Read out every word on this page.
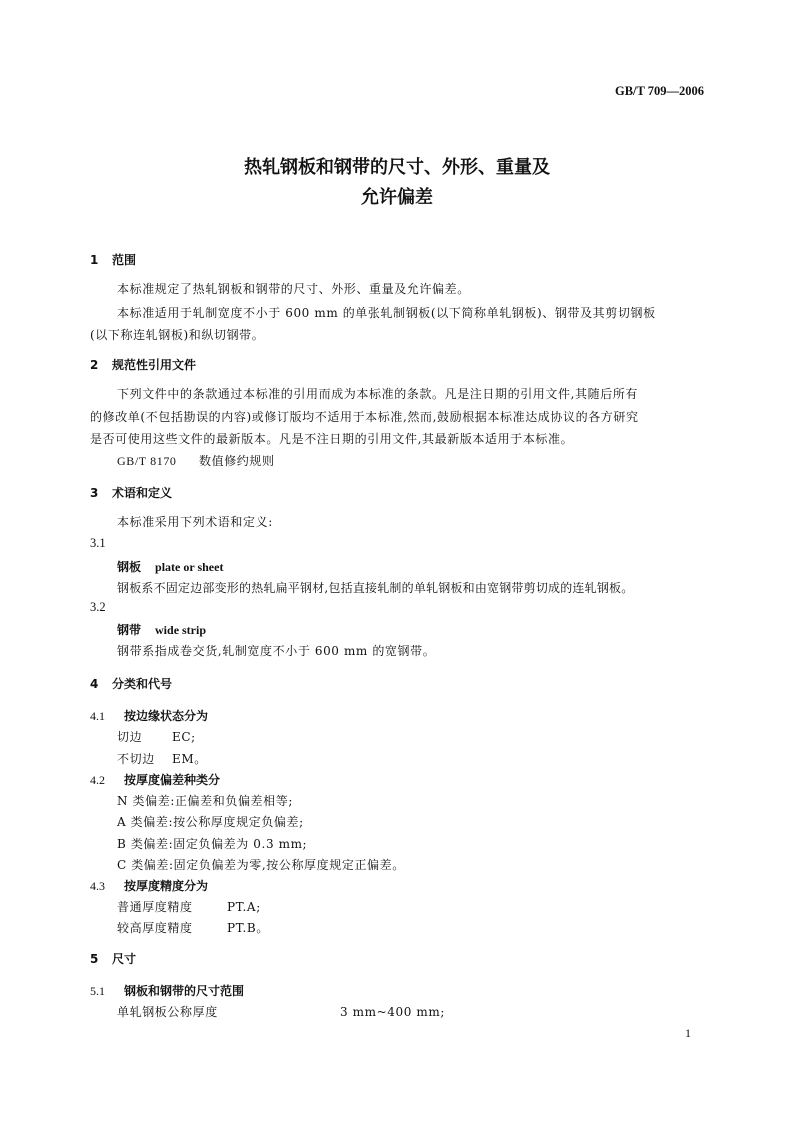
GB/T 709—2006
热轧钢板和钢带的尺寸、外形、重量及
允许偏差
1 范围
本标准规定了热轧钢板和钢带的尺寸、外形、重量及允许偏差。
本标准适用于轧制宽度不小于 600 mm 的单张轧制钢板(以下简称单轧钢板)、钢带及其剪切钢板
(以下称连轧钢板)和纵切钢带。
2 规范性引用文件
下列文件中的条款通过本标准的引用而成为本标准的条款。凡是注日期的引用文件,其随后所有
的修改单(不包括勘误的内容)或修订版均不适用于本标准,然而,鼓励根据本标准达成协议的各方研究
是否可使用这些文件的最新版本。凡是不注日期的引用文件,其最新版本适用于本标准。
GB/T 8170 数值修约规则
3 术语和定义
本标准采用下列术语和定义:
3.1
钢板 plate or sheet
钢板系不固定边部变形的热轧扁平钢材,包括直接轧制的单轧钢板和由宽钢带剪切成的连轧钢板。
3.2
钢带 wide strip
钢带系指成卷交货,轧制宽度不小于 600 mm 的宽钢带。
4 分类和代号
4.1 按边缘状态分为
切边 EC;
不切边 EM。
4.2 按厚度偏差种类分
N 类偏差:正偏差和负偏差相等;
A 类偏差:按公称厚度规定负偏差;
B 类偏差:固定负偏差为 0.3 mm;
C 类偏差:固定负偏差为零,按公称厚度规定正偏差。
4.3 按厚度精度分为
普通厚度精度	PT.A;
较高厚度精度	PT.B。
5 尺寸
5.1 钢板和钢带的尺寸范围
单轧钢板公称厚度	3 mm~400 mm;
1
